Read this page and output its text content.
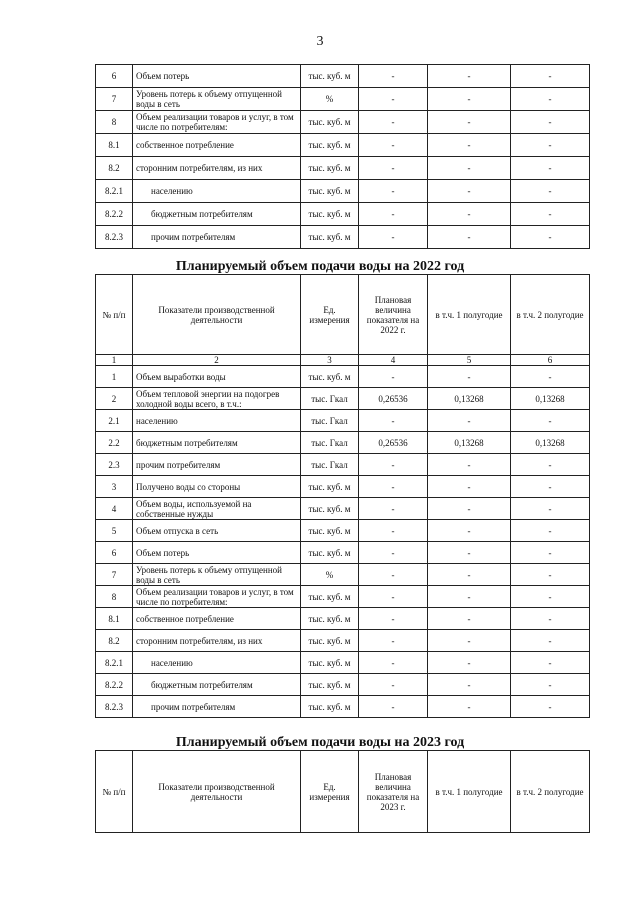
3
6	Объем потерь	тыс. куб. м	-	-	-
7	Уровень потерь к объему отпущенной воды в сеть	%	-	-	-
8	Объем реализации товаров и услуг, в том числе по потребителям:	тыс. куб. м	-	-	-
8.1	собственное потребление	тыс. куб. м	-	-	-
8.2	сторонним потребителям, из них	тыс. куб. м	-	-	-
8.2.1	населению	тыс. куб. м	-	-	-
8.2.2	бюджетным потребителям	тыс. куб. м	-	-	-
8.2.3	прочим потребителям	тыс. куб. м	-	-	-
Планируемый объем подачи воды на 2022 год
№ п/п	Показатели производственной деятельности	Ед. измерения	Плановая величина показателя на 2022 г.	в т.ч. 1 полугодие	в т.ч. 2 полугодие
1	2	3	4	5	6
1	Объем выработки воды	тыс. куб. м	-	-	-
2	Объем тепловой энергии на подогрев холодной воды всего, в т.ч.:	тыс. Гкал	0,26536	0,13268	0,13268
2.1	населению	тыс. Гкал	-	-	-
2.2	бюджетным потребителям	тыс. Гкал	0,26536	0,13268	0,13268
2.3	прочим потребителям	тыс. Гкал	-	-	-
3	Получено воды со стороны	тыс. куб. м	-	-	-
4	Объем воды, используемой на собственные нужды	тыс. куб. м	-	-	-
5	Объем отпуска в сеть	тыс. куб. м	-	-	-
6	Объем потерь	тыс. куб. м	-	-	-
7	Уровень потерь к объему отпущенной воды в сеть	%	-	-	-
8	Объем реализации товаров и услуг, в том числе по потребителям:	тыс. куб. м	-	-	-
8.1	собственное потребление	тыс. куб. м	-	-	-
8.2	сторонним потребителям, из них	тыс. куб. м	-	-	-
8.2.1	населению	тыс. куб. м	-	-	-
8.2.2	бюджетным потребителям	тыс. куб. м	-	-	-
8.2.3	прочим потребителям	тыс. куб. м	-	-	-
Планируемый объем подачи воды на 2023 год
№ п/п	Показатели производственной деятельности	Ед. измерения	Плановая величина показателя на 2023 г.	в т.ч. 1 полугодие	в т.ч. 2 полугодие
